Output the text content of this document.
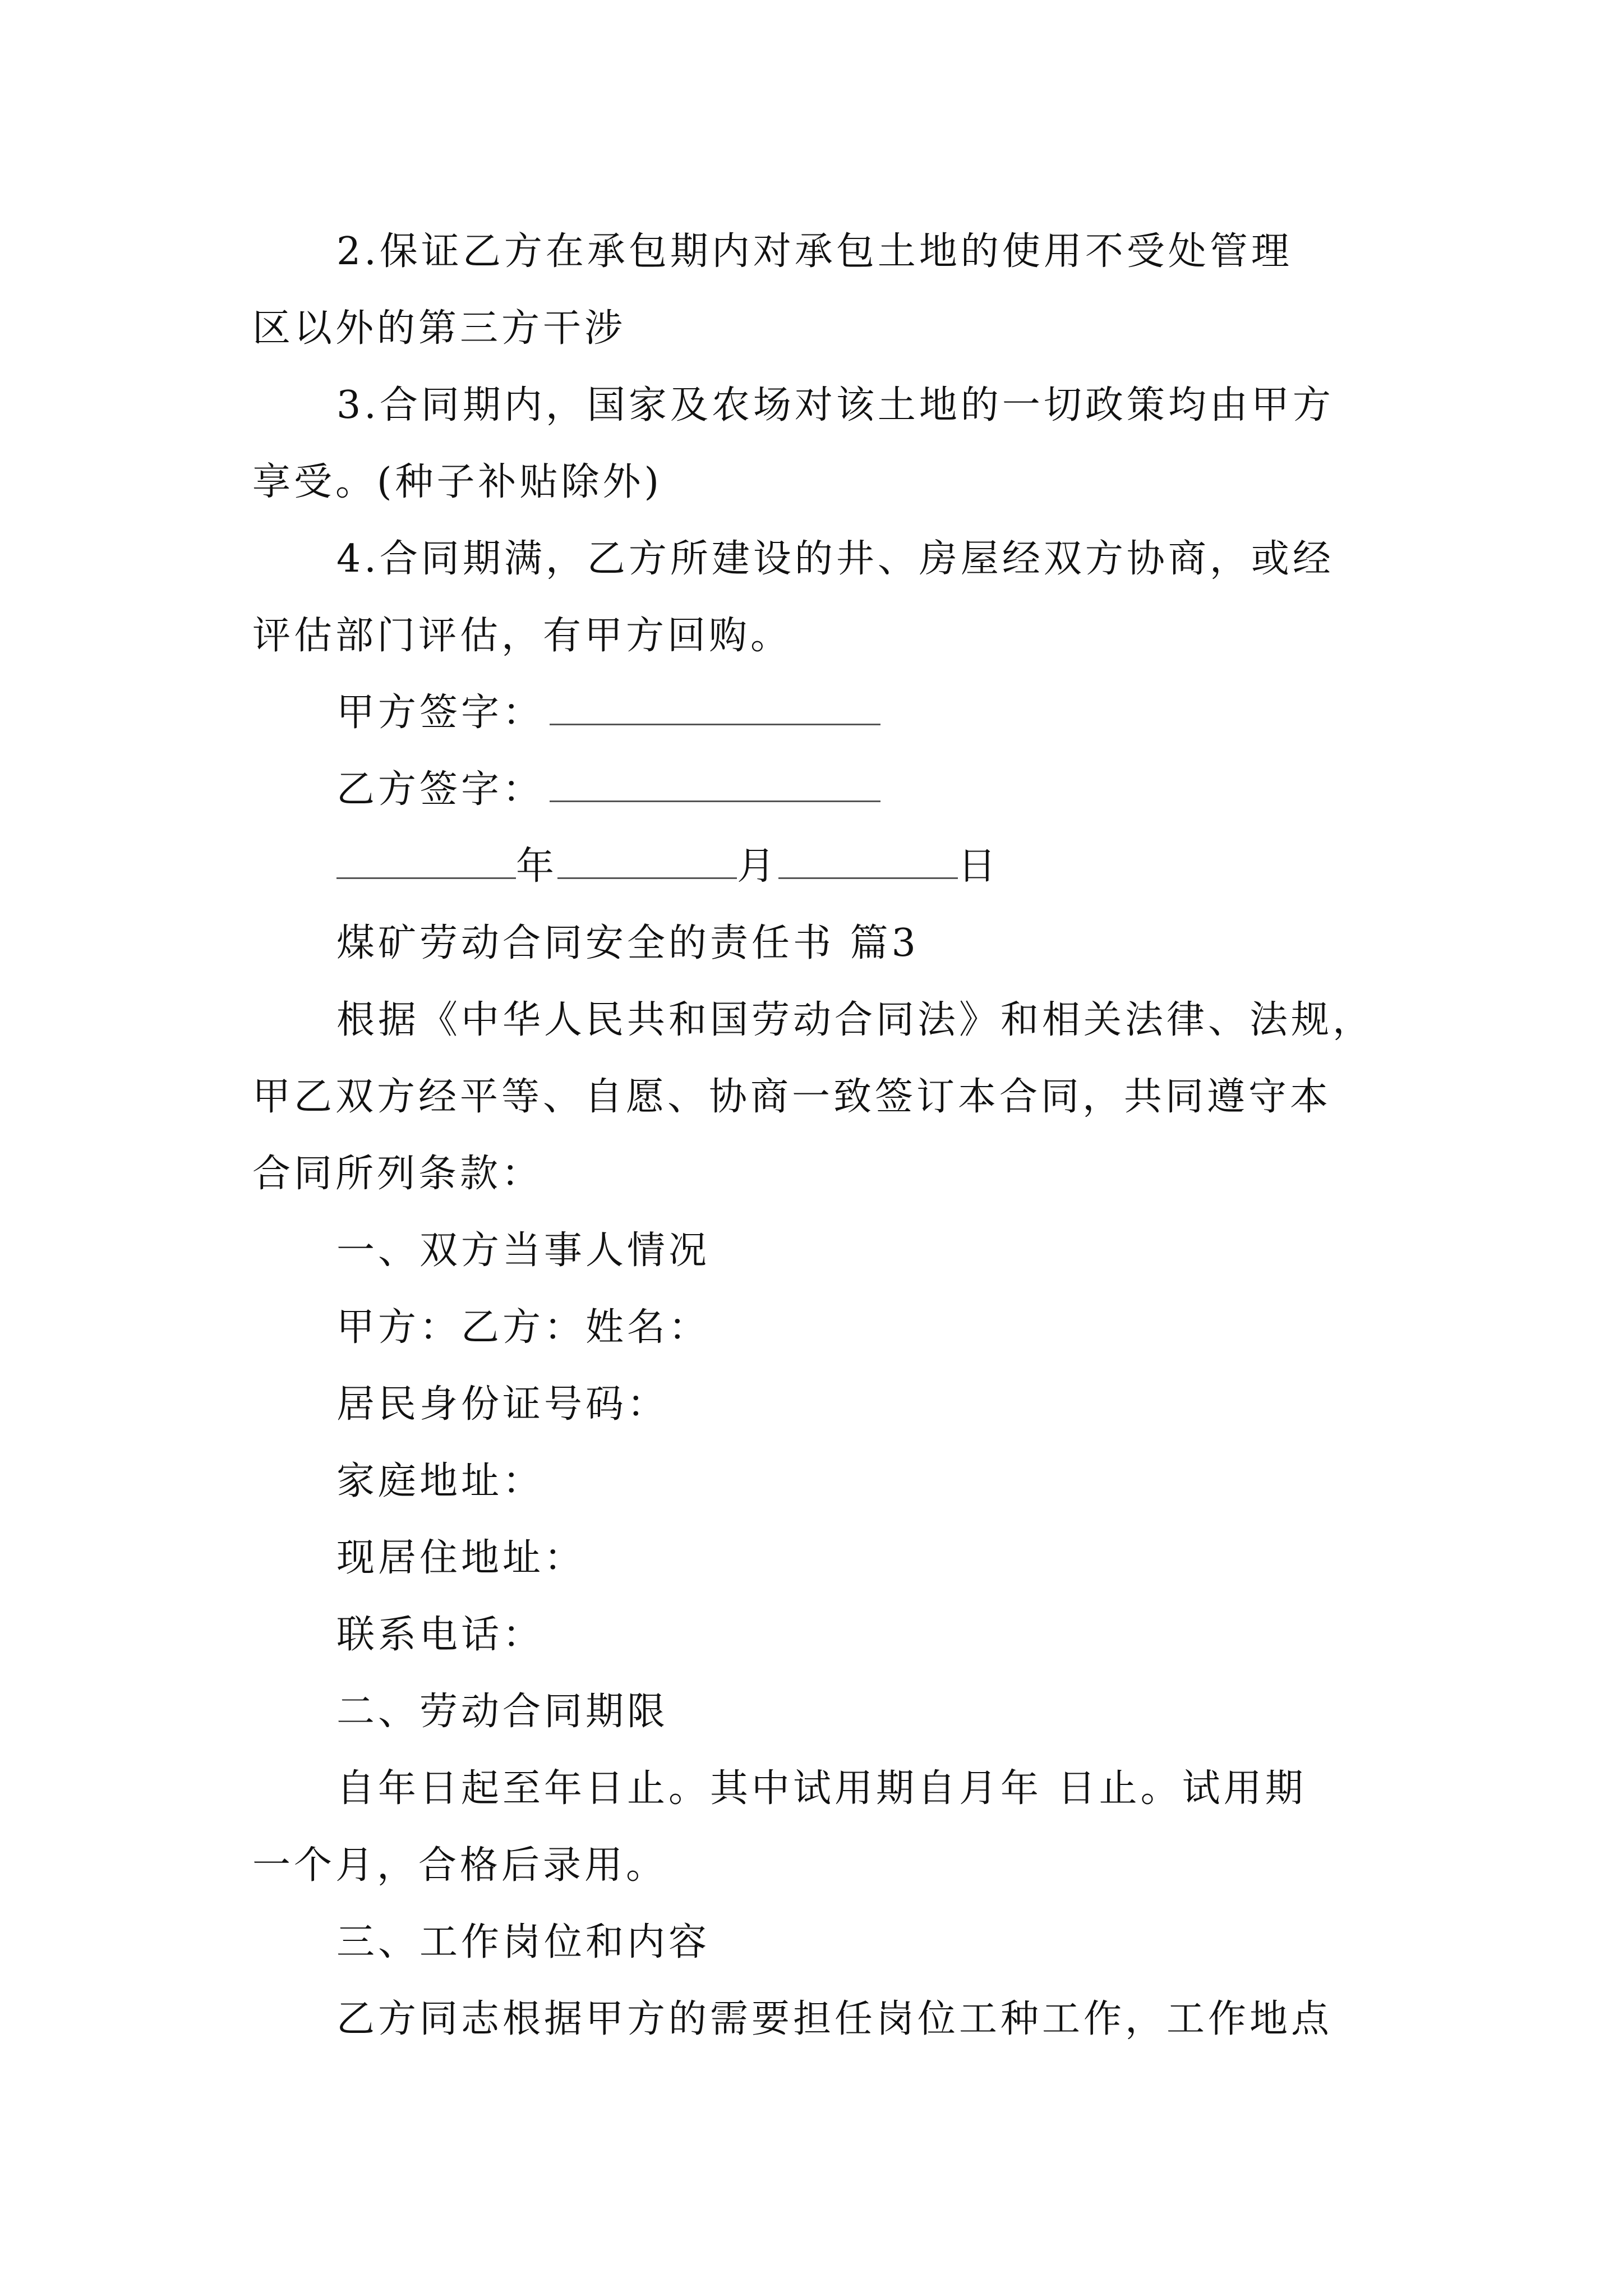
2.保证乙方在承包期内对承包土地的使用不受处管理
区以外的第三方干涉
3.合同期内，国家及农场对该土地的一切政策均由甲方
享受。(种子补贴除外)
4.合同期满，乙方所建设的井、房屋经双方协商，或经
评估部门评估，有甲方回购。
甲方签字：
乙方签字：
年	月	日
煤矿劳动合同安全的责任书 篇3
根据《中华人民共和国劳动合同法》和相关法律、法规，
甲乙双方经平等、自愿、协商一致签订本合同，共同遵守本
合同所列条款：
一、双方当事人情况
甲方：乙方：姓名：
居民身份证号码：
家庭地址：
现居住地址：
联系电话：
二、劳动合同期限
自年日起至年日止。其中试用期自月年 日止。试用期
一个月，合格后录用。
三、工作岗位和内容
乙方同志根据甲方的需要担任岗位工种工作，工作地点
